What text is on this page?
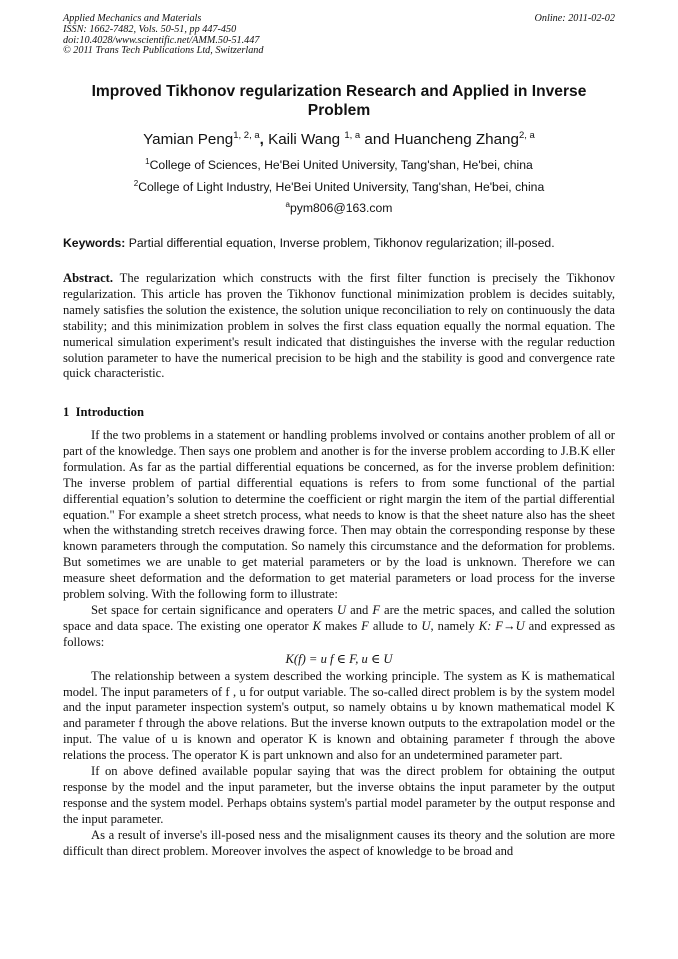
Applied Mechanics and Materials
ISSN: 1662-7482, Vols. 50-51, pp 447-450
doi:10.4028/www.scientific.net/AMM.50-51.447
© 2011 Trans Tech Publications Ltd, Switzerland
Online: 2011-02-02
Improved Tikhonov regularization Research and Applied in Inverse Problem
Yamian Peng$^{1, 2, a}$, Kaili Wang $^{1, a}$ and Huancheng Zhang$^{2, a}$
$^1$College of Sciences, He'Bei United University, Tang'shan, He'bei, china
$^2$College of Light Industry, He'Bei United University, Tang'shan, He'bei, china
$^a$pym806@163.com
Keywords: Partial differential equation, Inverse problem, Tikhonov regularization; ill-posed.

Abstract. The regularization which constructs with the first filter function is precisely the Tikhonov regularization. This article has proven the Tikhonov functional minimization problem is decides suitably, namely satisfies the solution the existence, the solution unique reconciliation to rely on continuously the data stability; and this minimization problem in solves the first class equation equally the normal equation. The numerical simulation experiment's result indicated that distinguishes the inverse with the regular reduction solution parameter to have the numerical precision to be high and the stability is good and convergence rate quick characteristic.

1 Introduction

If the two problems in a statement or handling problems involved or contains another problem of all or part of the knowledge. Then says one problem and another is for the inverse problem according to J.B.K eller formulation. As far as the partial differential equations be concerned, as for the inverse problem definition: The inverse problem of partial differential equations is refers to from some functional of the partial differential equation’s solution to determine the coefficient or right margin the item of the partial differential equation." For example a sheet stretch process, what needs to know is that the sheet nature also has the sheet when the withstanding stretch receives drawing force. Then may obtain the corresponding response by these known parameters through the computation. So namely this circumstance and the deformation for problems. But sometimes we are unable to get material parameters or by the load is unknown. Therefore we can measure sheet deformation and the deformation to get material parameters or load process for the inverse problem solving. With the following form to illustrate:

Set space for certain significance and operaters U and F are the metric spaces, and called the solution space and data space. The existing one operator K makes F allude to U, namely K: F→U and expressed as follows:

K(f) = u f ∈ F, u ∈ U

The relationship between a system described the working principle. The system as K is mathematical model. The input parameters of f , u for output variable. The so-called direct problem is by the system model and the input parameter inspection system's output, so namely obtains u by known mathematical model K and parameter f through the above relations. But the inverse known outputs to the extrapolation model or the input. The value of u is known and operator K is known and obtaining parameter f through the above relations the process. The operator K is part unknown and also for an undetermined parameter part.

If on above defined available popular saying that was the direct problem for obtaining the output response by the model and the input parameter, but the inverse obtains the input parameter by the output response and the system model. Perhaps obtains system's partial model parameter by the output response and the input parameter.

As a result of inverse's ill-posed ness and the misalignment causes its theory and the solution are more difficult than direct problem. Moreover involves the aspect of knowledge to be broad and
